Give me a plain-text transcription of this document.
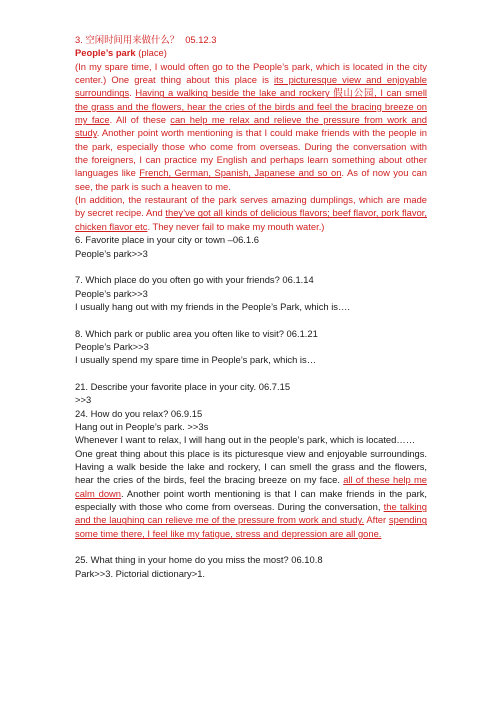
3. 空闲时间用来做什么？ 05.12.3

People’s park (place)

(In my spare time, I would often go to the People’s park, which is located in the city center.) One great thing about this place is its picturesque view and enjoyable surroundings. Having a walking beside the lake and rockery 假山公园, I can smell the grass and the flowers, hear the cries of the birds and feel the bracing breeze on my face. All of these can help me relax and relieve the pressure from work and study. Another point worth mentioning is that I could make friends with the people in the park, especially those who come from overseas. During the conversation with the foreigners, I can practice my English and perhaps learn something about other languages like French, German, Spanish, Japanese and so on. As of now you can see, the park is such a heaven to me.

(In addition, the restaurant of the park serves amazing dumplings, which are made by secret recipe. And they’ve got all kinds of delicious flavors; beef flavor, pork flavor, chicken flavor etc. They never fail to make my mouth water.)

6. Favorite place in your city or town –06.1.6

People’s park>>3

7. Which place do you often go with your friends? 06.1.14

People’s park>>3

I usually hang out with my friends in the People’s Park, which is….

8. Which park or public area you often like to visit? 06.1.21

People’s Park>>3

I usually spend my spare time in People’s park, which is…

21. Describe your favorite place in your city. 06.7.15

>>3

24. How do you relax? 06.9.15

Hang out in People’s park. >>3s

Whenever I want to relax, I will hang out in the people’s park, which is located……

One great thing about this place is its picturesque view and enjoyable surroundings. Having a walk beside the lake and rockery, I can smell the grass and the flowers, hear the cries of the birds, feel the bracing breeze on my face. all of these help me calm down. Another point worth mentioning is that I can make friends in the park, especially with those who come from overseas. During the conversation, the talking and the laughing can relieve me of the pressure from work and study. After spending some time there, I feel like my fatigue, stress and depression are all gone.

25. What thing in your home do you miss the most? 06.10.8

Park>>3. Pictorial dictionary>1.
